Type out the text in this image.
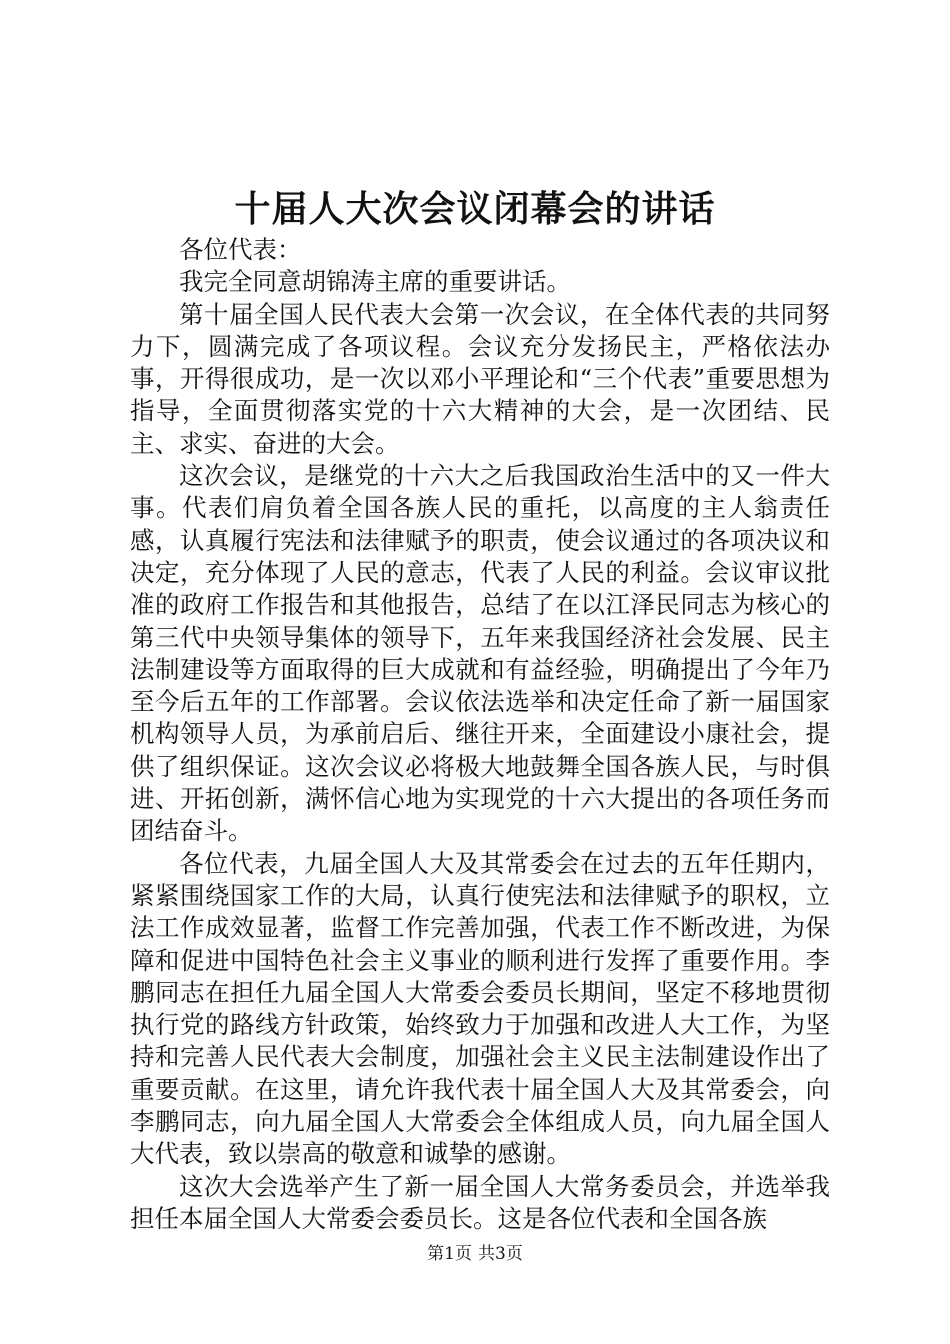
十届人大次会议闭幕会的讲话

各位代表：

我完全同意胡锦涛主席的重要讲话。

第十届全国人民代表大会第一次会议，在全体代表的共同努力下，圆满完成了各项议程。会议充分发扬民主，严格依法办事，开得很成功，是一次以邓小平理论和“三个代表”重要思想为指导，全面贯彻落实党的十六大精神的大会，是一次团结、民主、求实、奋进的大会。

这次会议，是继党的十六大之后我国政治生活中的又一件大事。代表们肩负着全国各族人民的重托，以高度的主人翁责任感，认真履行宪法和法律赋予的职责，使会议通过的各项决议和决定，充分体现了人民的意志，代表了人民的利益。会议审议批准的政府工作报告和其他报告，总结了在以江泽民同志为核心的第三代中央领导集体的领导下，五年来我国经济社会发展、民主法制建设等方面取得的巨大成就和有益经验，明确提出了今年乃至今后五年的工作部署。会议依法选举和决定任命了新一届国家机构领导人员，为承前启后、继往开来，全面建设小康社会，提供了组织保证。这次会议必将极大地鼓舞全国各族人民，与时俱进、开拓创新，满怀信心地为实现党的十六大提出的各项任务而团结奋斗。

各位代表，九届全国人大及其常委会在过去的五年任期内，紧紧围绕国家工作的大局，认真行使宪法和法律赋予的职权，立法工作成效显著，监督工作完善加强，代表工作不断改进，为保障和促进中国特色社会主义事业的顺利进行发挥了重要作用。李鹏同志在担任九届全国人大常委会委员长期间，坚定不移地贯彻执行党的路线方针政策，始终致力于加强和改进人大工作，为坚持和完善人民代表大会制度，加强社会主义民主法制建设作出了重要贡献。在这里，请允许我代表十届全国人大及其常委会，向李鹏同志，向九届全国人大常委会全体组成人员，向九届全国人大代表，致以崇高的敬意和诚挚的感谢。

这次大会选举产生了新一届全国人大常务委员会，并选举我担任本届全国人大常委会委员长。这是各位代表和全国各族

第1页 共3页
